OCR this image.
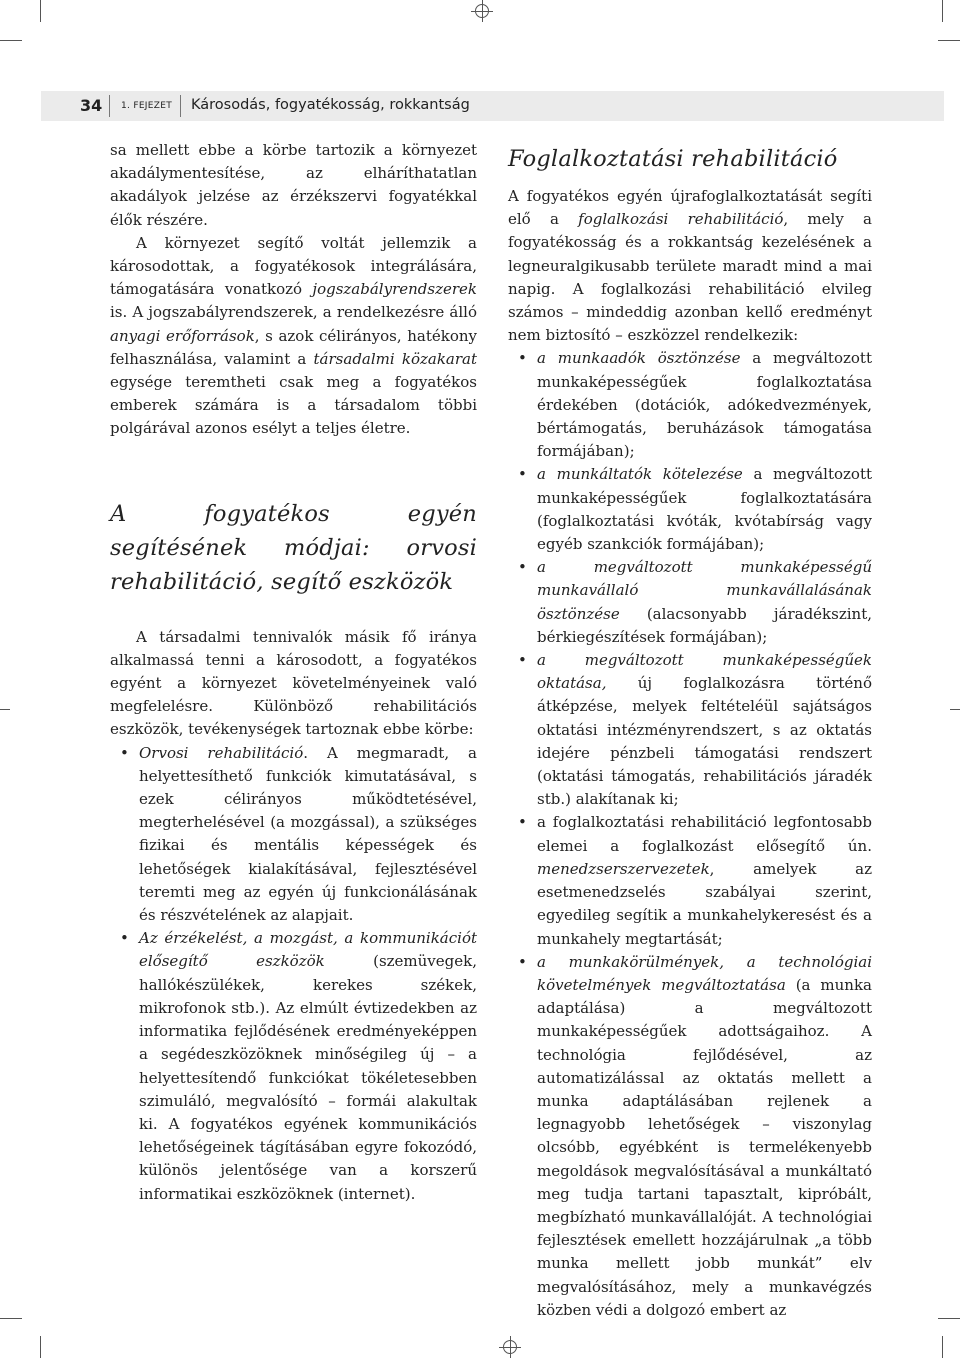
34 1. FEJEZET Károsodás, fogyatékosság, rokkantság

sa mellett ebbe a körbe tartozik a környezet akadálymentesítése, az elháríthatatlan akadályok jelzése az érzékszervi fogyatékkal élők részére.

A környezet segítő voltát jellemzik a károsodottak, a fogyatékosok integrálására, támogatására vonatkozó jogszabályrendszerek is. A jogszabályrendszerek, a rendelkezésre álló anyagi erőforrások, s azok célirányos, hatékony felhasználása, valamint a társadalmi közakarat egysége teremtheti csak meg a fogyatékos emberek számára is a társadalom többi polgárával azonos esélyt a teljes életre.

A fogyatékos egyén segítésének módjai: orvosi rehabilitáció, segítő eszközök

A társadalmi tennivalók másik fő iránya alkalmassá tenni a károsodott, a fogyatékos egyént a környezet követelményeinek való megfelelésre. Különböző rehabilitációs eszközök, tevékenységek tartoznak ebbe körbe:

• Orvosi rehabilitáció. A megmaradt, a helyettesíthető funkciók kimutatásával, s ezek célirányos működtetésével, megterhelésével (a mozgással), a szükséges fizikai és mentális képességek és lehetőségek kialakításával, fejlesztésével teremti meg az egyén új funkcionálásának és részvételének az alapjait.
• Az érzékelést, a mozgást, a kommunikációt elősegítő eszközök (szemüvegek, hallókészülékek, kerekes székek, mikrofonok stb.). Az elmúlt évtizedekben az informatika fejlődésének eredményeképpen a segédeszközöknek minőségileg új – a helyettesítendő funkciókat tökéletesebben szimuláló, megvalósító – formái alakultak ki. A fogyatékos egyének kommunikációs lehetőségeinek tágításában egyre fokozódó, különös jelentősége van a korszerű informatikai eszközöknek (internet).
Foglalkoztatási rehabilitáció

A fogyatékos egyén újrafoglalkoztatását segíti elő a foglalkozási rehabilitáció, mely a fogyatékosság és a rokkantság kezelésének a legneuralgikusabb területe maradt mind a mai napig. A foglalkozási rehabilitáció elvileg számos – mindeddig azonban kellő eredményt nem biztosító – eszközzel rendelkezik:

• a munkaadók ösztönzése a megváltozott munkaképességűek foglalkoztatása érdekében (dotációk, adókedvezmények, bértámogatás, beruházások támogatása formájában);
• a munkáltatók kötelezése a megváltozott munkaképességűek foglalkoztatására (foglalkoztatási kvóták, kvótabírság vagy egyéb szankciók formájában);
• a megváltozott munkaképességű munkavállaló munkavállalásának ösztönzése (alacsonyabb járadékszint, bérkiegészítések formájában);
• a megváltozott munkaképességűek oktatása, új foglalkozásra történő átképzése, melyek feltételéül sajátságos oktatási intézményrendszert, s az oktatás idejére pénzbeli támogatási rendszert (oktatási támogatás, rehabilitációs járadék stb.) alakítanak ki;
• a foglalkoztatási rehabilitáció legfontosabb elemei a foglalkozást elősegítő ún. menedzserszervezetek, amelyek az esetmenedzselés szabályai szerint, egyedileg segítik a munkahelykeresést és a munkahely megtartását;
• a munkakörülmények, a technológiai követelmények megváltoztatása (a munka adaptálása) a megváltozott munkaképességűek adottságaihoz. A technológia fejlődésével, az automatizálással az oktatás mellett a munka adaptálásában rejlenek a legnagyobb lehetőségek – viszonylag olcsóbb, egyébként is termelékenyebb megoldások megvalósításával a munkáltató meg tudja tartani tapasztalt, kipróbált, megbízható munkavállalóját. A technológiai fejlesztések emellett hozzájárulnak „a több munka mellett jobb munkát” elv megvalósításához, mely a munkavégzés közben védi a dolgozó embert az
